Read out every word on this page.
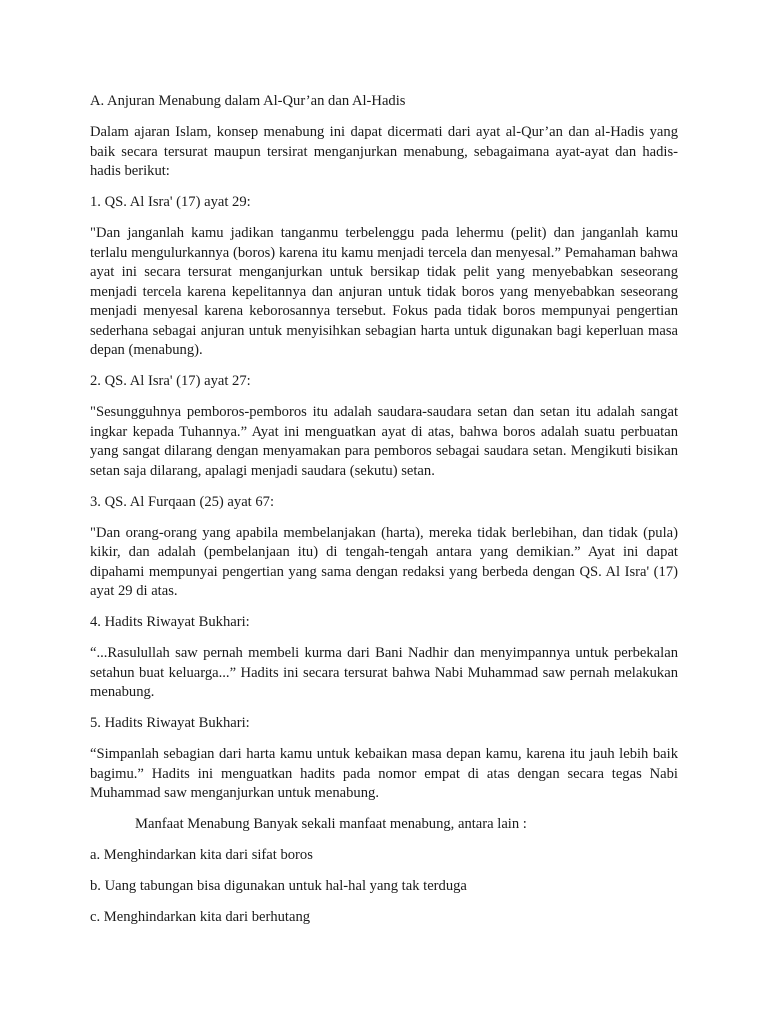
A. Anjuran Menabung dalam Al-Qur’an dan Al-Hadis

Dalam ajaran Islam, konsep menabung ini dapat dicermati dari ayat al-Qur’an dan al-Hadis yang baik secara tersurat maupun tersirat menganjurkan menabung, sebagaimana ayat-ayat dan hadis-hadis berikut:

1. QS. Al Isra' (17) ayat 29:

"Dan janganlah kamu jadikan tanganmu terbelenggu pada lehermu (pelit) dan janganlah kamu terlalu mengulurkannya (boros) karena itu kamu menjadi tercela dan menyesal.” Pemahaman bahwa ayat ini secara tersurat menganjurkan untuk bersikap tidak pelit yang menyebabkan seseorang menjadi tercela karena kepelitannya dan anjuran untuk tidak boros yang menyebabkan seseorang menjadi menyesal karena keborosannya tersebut. Fokus pada tidak boros mempunyai pengertian sederhana sebagai anjuran untuk menyisihkan sebagian harta untuk digunakan bagi keperluan masa depan (menabung).

2. QS. Al Isra' (17) ayat 27:

"Sesungguhnya pemboros-pemboros itu adalah saudara-saudara setan dan setan itu adalah sangat ingkar kepada Tuhannya.” Ayat ini menguatkan ayat di atas, bahwa boros adalah suatu perbuatan yang sangat dilarang dengan menyamakan para pemboros sebagai saudara setan. Mengikuti bisikan setan saja dilarang, apalagi menjadi saudara (sekutu) setan.

3. QS. Al Furqaan (25) ayat 67:

"Dan orang-orang yang apabila membelanjakan (harta), mereka tidak berlebihan, dan tidak (pula) kikir, dan adalah (pembelanjaan itu) di tengah-tengah antara yang demikian.” Ayat ini dapat dipahami mempunyai pengertian yang sama dengan redaksi yang berbeda dengan QS. Al Isra' (17) ayat 29 di atas.

4. Hadits Riwayat Bukhari:

“...Rasulullah saw pernah membeli kurma dari Bani Nadhir dan menyimpannya untuk perbekalan setahun buat keluarga...” Hadits ini secara tersurat bahwa Nabi Muhammad saw pernah melakukan menabung.

5. Hadits Riwayat Bukhari:

“Simpanlah sebagian dari harta kamu untuk kebaikan masa depan kamu, karena itu jauh lebih baik bagimu.” Hadits ini menguatkan hadits pada nomor empat di atas dengan secara tegas Nabi Muhammad saw menganjurkan untuk menabung.

Manfaat Menabung Banyak sekali manfaat menabung, antara lain :

a. Menghindarkan kita dari sifat boros

b. Uang tabungan bisa digunakan untuk hal-hal yang tak terduga

c. Menghindarkan kita dari berhutang
